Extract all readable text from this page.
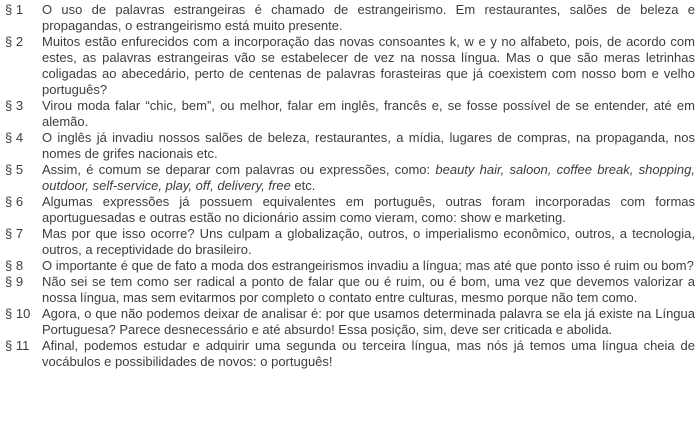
§ 1	O uso de palavras estrangeiras é chamado de estrangeirismo. Em restaurantes, salões de beleza e propagandas, o estrangeirismo está muito presente.
§ 2	Muitos estão enfurecidos com a incorporação das novas consoantes k, w e y no alfabeto, pois, de acordo com estes, as palavras estrangeiras vão se estabelecer de vez na nossa língua. Mas o que são meras letrinhas coligadas ao abecedário, perto de centenas de palavras forasteiras que já coexistem com nosso bom e velho português?
§ 3	Virou moda falar “chic, bem”, ou melhor, falar em inglês, francês e, se fosse possível de se entender, até em alemão.
§ 4	O inglês já invadiu nossos salões de beleza, restaurantes, a mídia, lugares de compras, na propaganda, nos nomes de grifes nacionais etc.
§ 5	Assim, é comum se deparar com palavras ou expressões, como: beauty hair, saloon, coffee break, shopping, outdoor, self-service, play, off, delivery, free etc.
§ 6	Algumas expressões já possuem equivalentes em português, outras foram incorporadas com formas aportuguesadas e outras estão no dicionário assim como vieram, como: show e marketing.
§ 7	Mas por que isso ocorre? Uns culpam a globalização, outros, o imperialismo econômico, outros, a tecnologia, outros, a receptividade do brasileiro.
§ 8	O importante é que de fato a moda dos estrangeirismos invadiu a língua; mas até que ponto isso é ruim ou bom?
§ 9	Não sei se tem como ser radical a ponto de falar que ou é ruim, ou é bom, uma vez que devemos valorizar a nossa língua, mas sem evitarmos por completo o contato entre culturas, mesmo porque não tem como.
§ 10 Agora, o que não podemos deixar de analisar é: por que usamos determinada palavra se ela já existe na Língua Portuguesa? Parece desnecessário e até absurdo! Essa posição, sim, deve ser criticada e abolida.
§ 11 Afinal, podemos estudar e adquirir uma segunda ou terceira língua, mas nós já temos uma língua cheia de vocábulos e possibilidades de novos: o português!
